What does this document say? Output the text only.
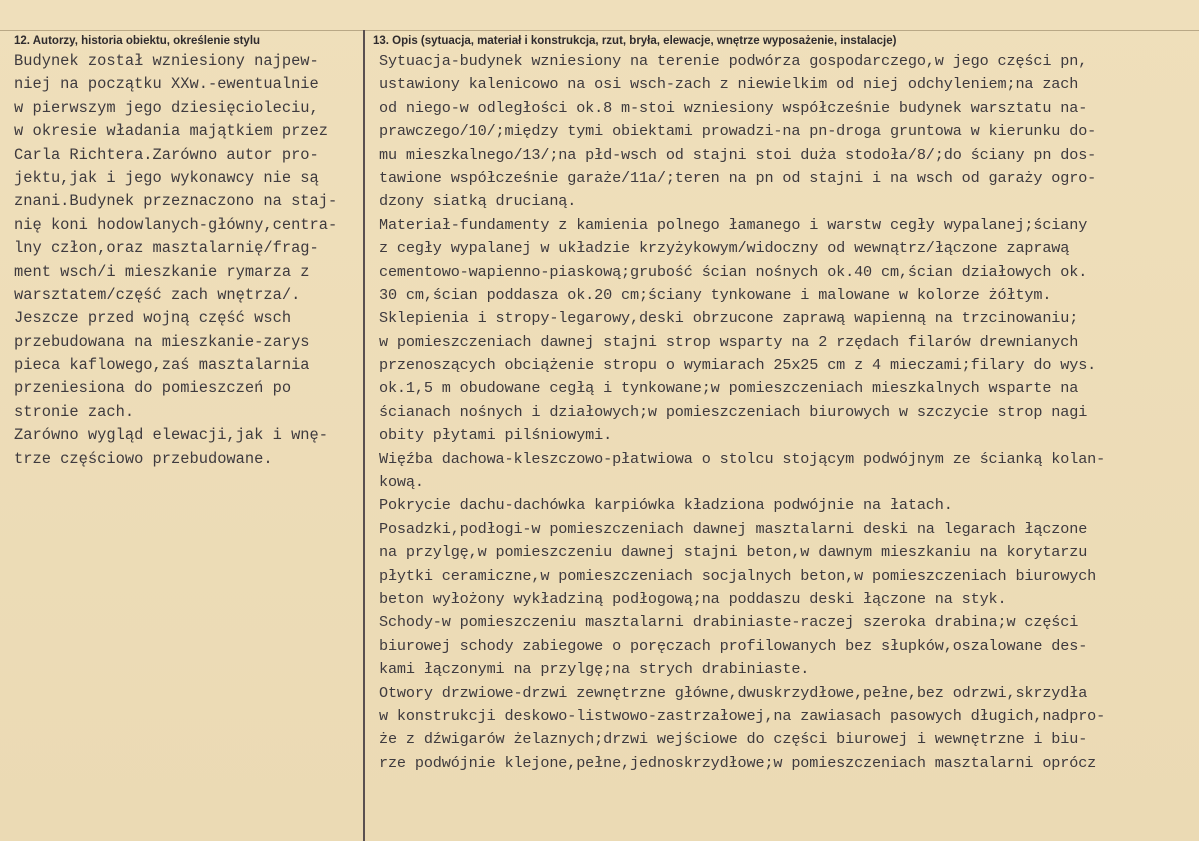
12. Autorzy, historia obiektu, określenie stylu	13. Opis (sytuacja, materiał i konstrukcja, rzut, bryła, elewacje, wnętrze wyposażenie, instalacje)
Budynek został wzniesiony najpew-
niej na początku XXw.-ewentualnie
w pierwszym jego dziesięcioleciu,
w okresie władania majątkiem przez
Carla Richtera.Zarówno autor pro-
jektu,jak i jego wykonawcy nie są
znani.Budynek przeznaczono na staj-
nię koni hodowlanych-główny,centra-
lny człon,oraz masztalarnię/frag-
ment wsch/i mieszkanie rymarza z
warsztatem/część zach wnętrza/.
Jeszcze przed wojną część wsch
przebudowana na mieszkanie-zarys
pieca kaflowego,zaś masztalarnia
przeniesiona do pomieszczeń po
stronie zach.
Zarówno wygląd elewacji,jak i wnę-
trze częściowo przebudowane.
Sytuacja-budynek wzniesiony na terenie podwórza gospodarczego,w jego części pn,
ustawiony kalenicowo na osi wsch-zach z niewielkim od niej odchyleniem;na zach
od niego-w odległości ok.8 m-stoi wzniesiony współcześnie budynek warsztatu na-
prawczego/10/;między tymi obiektami prowadzi-na pn-droga gruntowa w kierunku do-
mu mieszkalnego/13/;na płd-wsch od stajni stoi duża stodoła/8/;do ściany pn dos-
tawione współcześnie garaże/11a/;teren na pn od stajni i na wsch od garaży ogro-
dzony siatką drucianą.
Materiał-fundamenty z kamienia polnego łamanego i warstw cegły wypalanej;ściany
z cegły wypalanej w układzie krzyżykowym/widoczny od wewnątrz/łączone zaprawą
cementowo-wapienno-piaskową;grubość ścian nośnych ok.40 cm,ścian działowych ok.
30 cm,ścian poddasza ok.20 cm;ściany tynkowane i malowane w kolorze żółtym.
Sklepienia i stropy-legarowy,deski obrzucone zaprawą wapienną na trzcinowaniu;
w pomieszczeniach dawnej stajni strop wsparty na 2 rzędach filarów drewnianych
przenoszących obciążenie stropu o wymiarach 25x25 cm z 4 mieczami;filary do wys.
ok.1,5 m obudowane cegłą i tynkowane;w pomieszczeniach mieszkalnych wsparte na
ścianach nośnych i działowych;w pomieszczeniach biurowych w szczycie strop nagi
obity płytami pilśniowymi.
Więźba dachowa-kleszczowo-płatwiowa o stolcu stojącym podwójnym ze ścianką kolan-
kową.
Pokrycie dachu-dachówka karpiówka kładziona podwójnie na łatach.
Posadzki,podłogi-w pomieszczeniach dawnej masztalarni deski na legarach łączone
na przylgę,w pomieszczeniu dawnej stajni beton,w dawnym mieszkaniu na korytarzu
płytki ceramiczne,w pomieszczeniach socjalnych beton,w pomieszczeniach biurowych
beton wyłożony wykładziną podłogową;na poddaszu deski łączone na styk.
Schody-w pomieszczeniu masztalarni drabiniaste-raczej szeroka drabina;w części
biurowej schody zabiegowe o poręczach profilowanych bez słupków,oszalowane des-
kami łączonymi na przylgę;na strych drabiniaste.
Otwory drzwiowe-drzwi zewnętrzne główne,dwuskrzydłowe,pełne,bez odrzwi,skrzydła
w konstrukcji deskowo-listwowo-zastrzałowej,na zawiasach pasowych długich,nadpro-
że z dźwigarów żelaznych;drzwi wejściowe do części biurowej i wewnętrzne i biu-
rze podwójnie klejone,pełne,jednoskrzydłowe;w pomieszczeniach masztalarni oprócz
